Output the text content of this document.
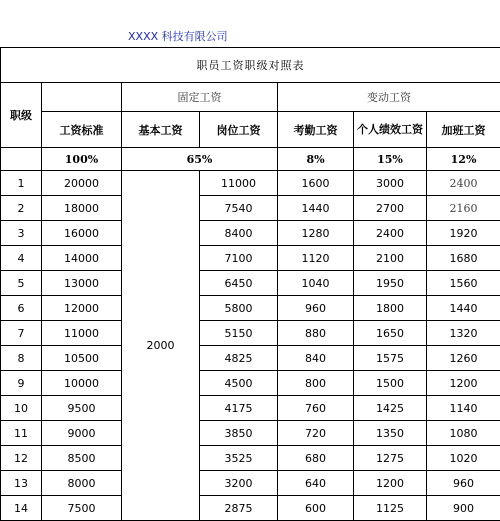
XXXX 科技有限公司
职员工资职级对照表						
职级		固定工资		变动工资		
	工资标准	基本工资	岗位工资	考勤工资	个人绩效工资	加班工资
	100%	65%		8%	15%	12%
1	20000	2000	11000	1600	3000	2400
2	18000		7540	1440	2700	2160
3	16000		8400	1280	2400	1920
4	14000		7100	1120	2100	1680
5	13000		6450	1040	1950	1560
6	12000		5800	960	1800	1440
7	11000		5150	880	1650	1320
8	10500		4825	840	1575	1260
9	10000		4500	800	1500	1200
10	9500		4175	760	1425	1140
11	9000		3850	720	1350	1080
12	8500		3525	680	1275	1020
13	8000		3200	640	1200	960
14	7500		2875	600	1125	900
